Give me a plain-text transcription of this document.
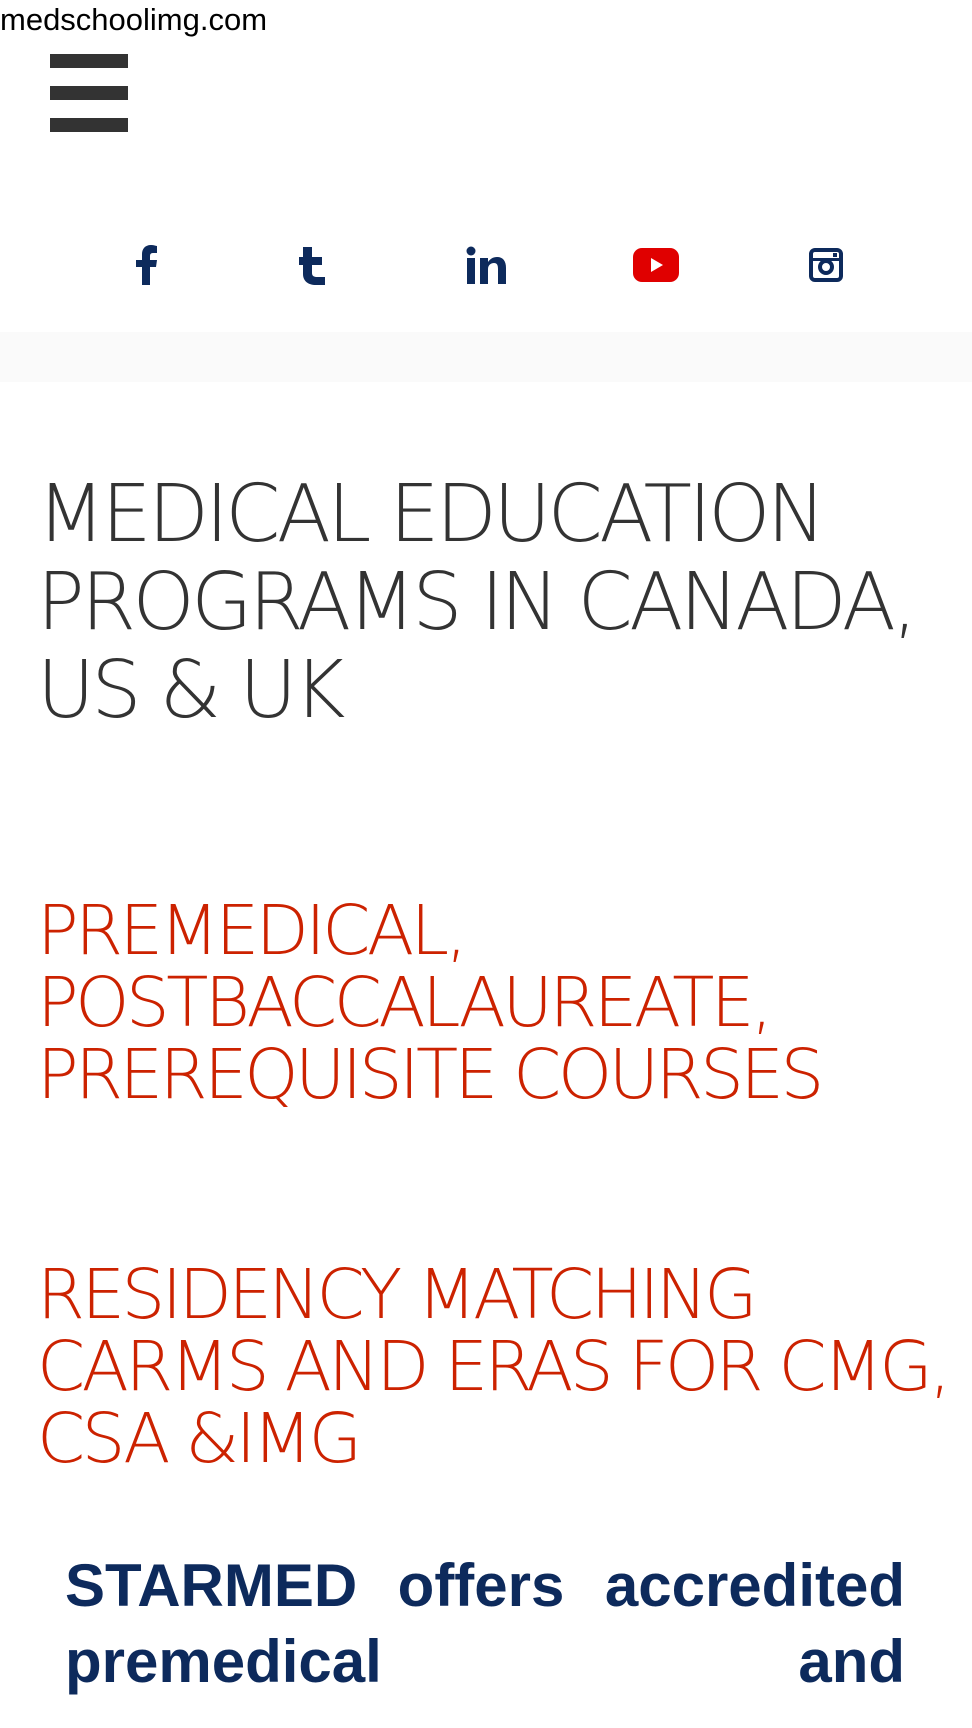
medschoolimg.com
MEDICAL EDUCATION PROGRAMS IN CANADA, US & UK
PREMEDICAL, POSTBACCALAUREATE, PREREQUISITE COURSES
RESIDENCY MATCHING CARMS AND ERAS FOR CMG, CSA &IMG

STARMED offers accredited premedical and
